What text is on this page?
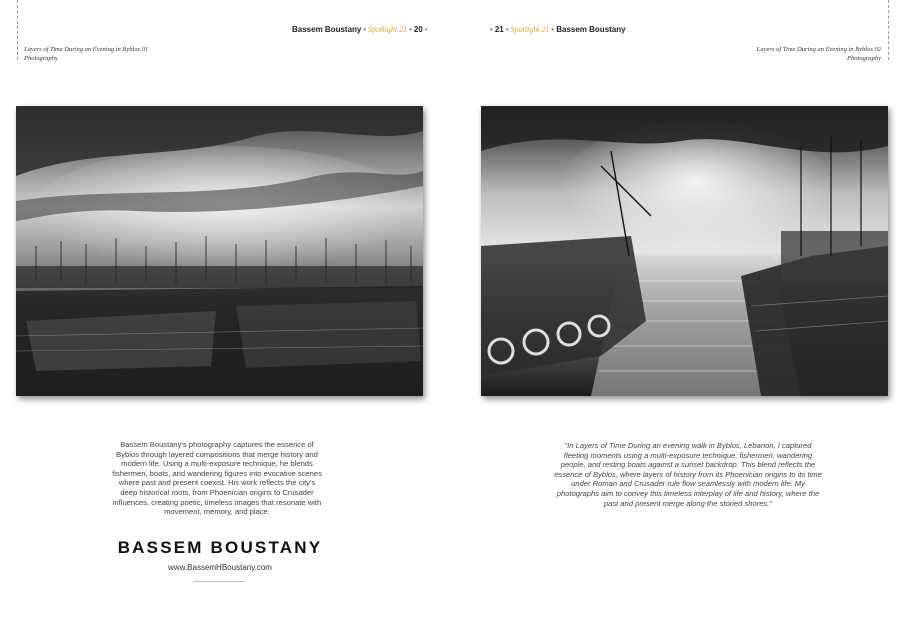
Bassem Boustany • Spotlight 21 • 20 •
Layers of Time During an Evening in Byblos 01
Photography
Bassem Boustany's photography captures the essence of Byblos through layered compositions that merge history and modern life. Using a multi-exposure technique, he blends fishermen, boats, and wandering figures into evocative scenes where past and present coexist. His work reflects the city's deep historical roots, from Phoenician origins to Crusader influences, creating poetic, timeless images that resonate with movement, memory, and place.
BASSEM BOUSTANY
www.BassemHBoustany.com
• 21 • Spotlight 21 • Bassem Boustany
Layers of Time During an Evening in Byblos 02
Photography
"In Layers of Time During an evening walk in Byblos, Lebanon, I captured fleeting moments using a multi-exposure technique, fishermen, wandering people, and resting boats against a sunset backdrop. This blend reflects the essence of Byblos, where layers of history from its Phoenician origins to its time under Roman and Crusader rule flow seamlessly with modern life. My photographs aim to convey this timeless interplay of life and history, where the past and present merge along the storied shores."
